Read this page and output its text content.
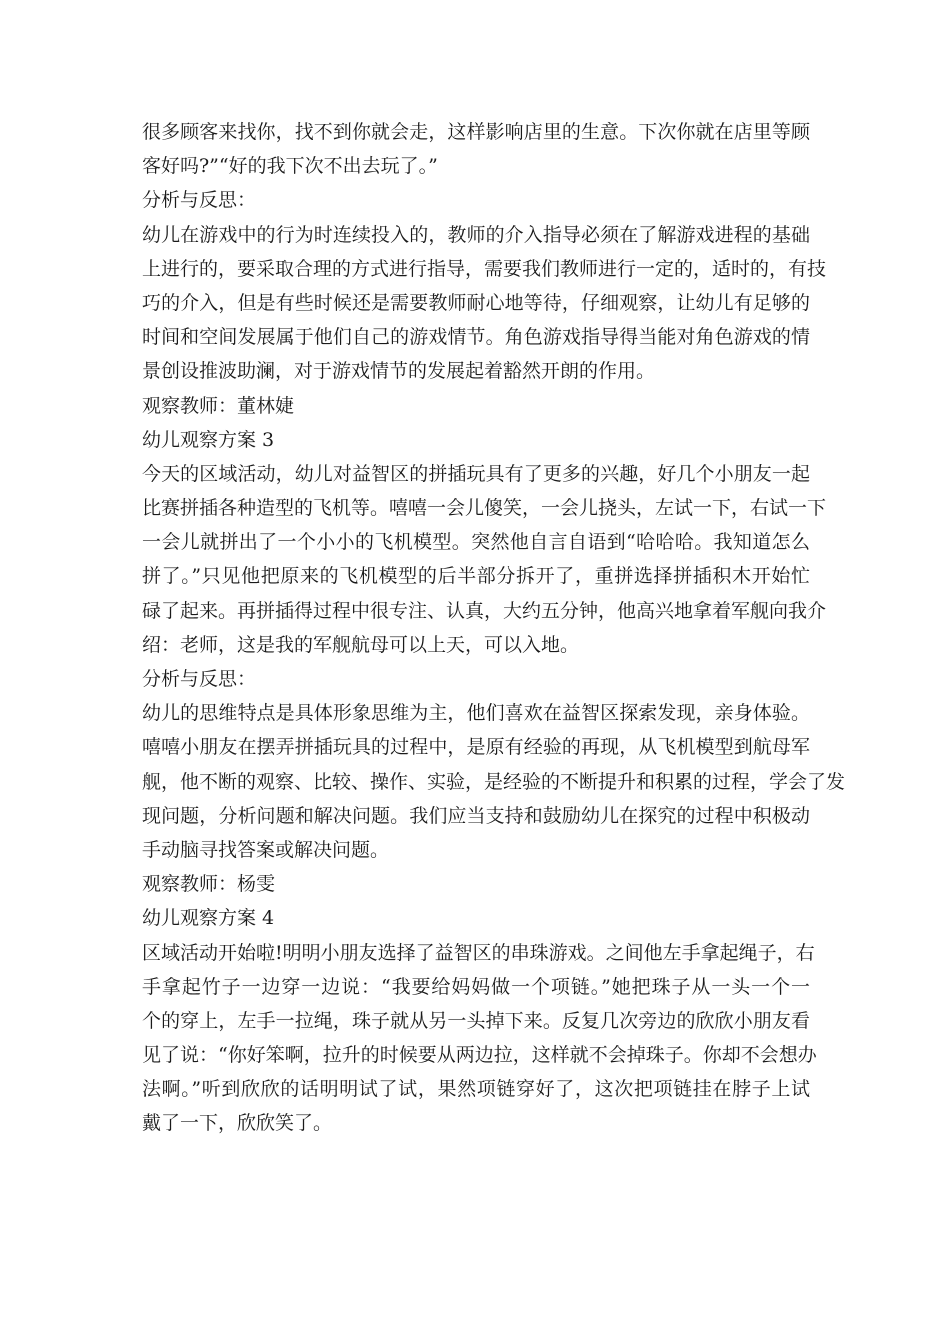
很多顾客来找你，找不到你就会走，这样影响店里的生意。下次你就在店里等顾
客好吗?”“好的我下次不出去玩了。”
分析与反思：
幼儿在游戏中的行为时连续投入的，教师的介入指导必须在了解游戏进程的基础
上进行的，要采取合理的方式进行指导，需要我们教师进行一定的，适时的，有技
巧的介入，但是有些时候还是需要教师耐心地等待，仔细观察，让幼儿有足够的
时间和空间发展属于他们自己的游戏情节。角色游戏指导得当能对角色游戏的情
景创设推波助澜，对于游戏情节的发展起着豁然开朗的作用。
观察教师：董林婕
幼儿观察方案 3
今天的区域活动，幼儿对益智区的拼插玩具有了更多的兴趣，好几个小朋友一起
比赛拼插各种造型的飞机等。嘻嘻一会儿傻笑，一会儿挠头，左试一下，右试一下
一会儿就拼出了一个小小的飞机模型。突然他自言自语到“哈哈哈。我知道怎么
拼了。”只见他把原来的飞机模型的后半部分拆开了，重拼选择拼插积木开始忙
碌了起来。再拼插得过程中很专注、认真，大约五分钟，他高兴地拿着军舰向我介
绍：老师，这是我的军舰航母可以上天，可以入地。
分析与反思：
幼儿的思维特点是具体形象思维为主，他们喜欢在益智区探索发现，亲身体验。
嘻嘻小朋友在摆弄拼插玩具的过程中，是原有经验的再现，从飞机模型到航母军
舰，他不断的观察、比较、操作、实验，是经验的不断提升和积累的过程，学会了发
现问题，分析问题和解决问题。我们应当支持和鼓励幼儿在探究的过程中积极动
手动脑寻找答案或解决问题。
观察教师：杨雯
幼儿观察方案 4
区域活动开始啦!明明小朋友选择了益智区的串珠游戏。之间他左手拿起绳子，右
手拿起竹子一边穿一边说：“我要给妈妈做一个项链。”她把珠子从一头一个一
个的穿上，左手一拉绳，珠子就从另一头掉下来。反复几次旁边的欣欣小朋友看
见了说：“你好笨啊，拉升的时候要从两边拉，这样就不会掉珠子。你却不会想办
法啊。”听到欣欣的话明明试了试，果然项链穿好了，这次把项链挂在脖子上试
戴了一下，欣欣笑了。
